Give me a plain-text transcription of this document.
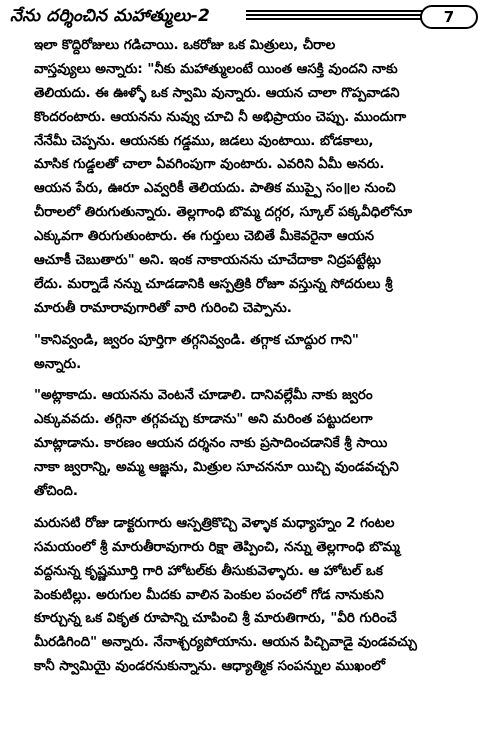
నేను దర్శించిన మహాత్ములు-2	7
ఇలా కొద్దిరోజులు గడిచాయి. ఒకరోజు ఒక మిత్రులు, చీరాల
వాస్తవ్యులు అన్నారు: "నీకు మహాత్ములంటే యింత ఆసక్తి వుందని నాకు
తెలియదు. ఈ ఊళ్ళో ఒక స్వామి వున్నారు. ఆయన చాలా గొప్పవాడని
కొందరంటారు. ఆయనను నువ్వు చూచి నీ అభిప్రాయం చెప్పు. ముందుగా
నేనేమీ చెప్పను. ఆయనకు గడ్డము, జడలు వుంటాయి. బోడకాలు,
మాసిక గుడ్డలతో చాలా ఏవగింపుగా వుంటారు. ఎవరిని ఏమీ అనరు.
ఆయన పేరు, ఊరూ ఎవ్వరికీ తెలియదు. పాతిక ముప్పై సం॥ల నుంచి
చీరాలలో తిరుగుతున్నారు. తెల్లగాంధి బొమ్మ దగ్గర, స్కూల్ పక్కవీధిలోనూ
ఎక్కువగా తిరుగుతుంటారు. ఈ గుర్తులు చెబితే మీకెవరైనా ఆయన
ఆచూకీ చెబుతారు" అని. ఇంక నాకాయనను చూచేదాకా నిద్రపట్టేట్లు
లేదు. మర్నాడే నన్ను చూడడానికి ఆస్పత్రికి రోజూ వస్తున్న సోదరులు శ్రీ
మారుతీ రామారావుగారితో వారి గురించి చెప్పాను.
"కానివ్వండి, జ్వరం పూర్తిగా తగ్గనివ్వండి. తగ్గాక చూద్దుర గాని"
అన్నారు.
"అట్లాకాదు. ఆయనను వెంటనే చూడాలి. దానివల్లేమీ నాకు జ్వరం
ఎక్కువవదు. తగ్గినా తగ్గవచ్చు కూడాను" అని మరింత పట్టుదలగా
మాట్లాడాను. కారణం ఆయన దర్శనం నాకు ప్రసాదించడానికే శ్రీ సాయి
నాకా జ్వరాన్ని, అమ్మ ఆజ్ఞను, మిత్రుల సూచననూ యిచ్చి వుండవచ్చని
తోచింది.
మరుసటి రోజు డాక్టరుగారు ఆస్పత్రికొచ్చి వెళ్ళాక మధ్యాహ్నం 2 గంటల
సమయంలో శ్రీ మారుతీరావుగారు రిక్షా తెప్పించి, నన్ను తెల్లగాంధి బొమ్మ
వద్దనున్న కృష్ణమూర్తి గారి హోటల్‌కు తీసుకువెళ్ళారు. ఆ హోటల్ ఒక
పెంకుటిల్లు. అరుగుల మీదకు వాలిన పెంకుల పంచలో గోడ నానుకుని
కూర్చున్న ఒక వికృత రూపాన్ని చూపించి శ్రీ మారుతిగారు, "వీరి గురించే
మీరడిగింది" అన్నారు. నేనాశ్చర్యపోయాను. ఆయన పిచ్చివాడై వుండవచ్చు
కానీ స్వామియై వుండరనుకున్నాను. ఆధ్యాత్మిక సంపన్నుల ముఖంలో
